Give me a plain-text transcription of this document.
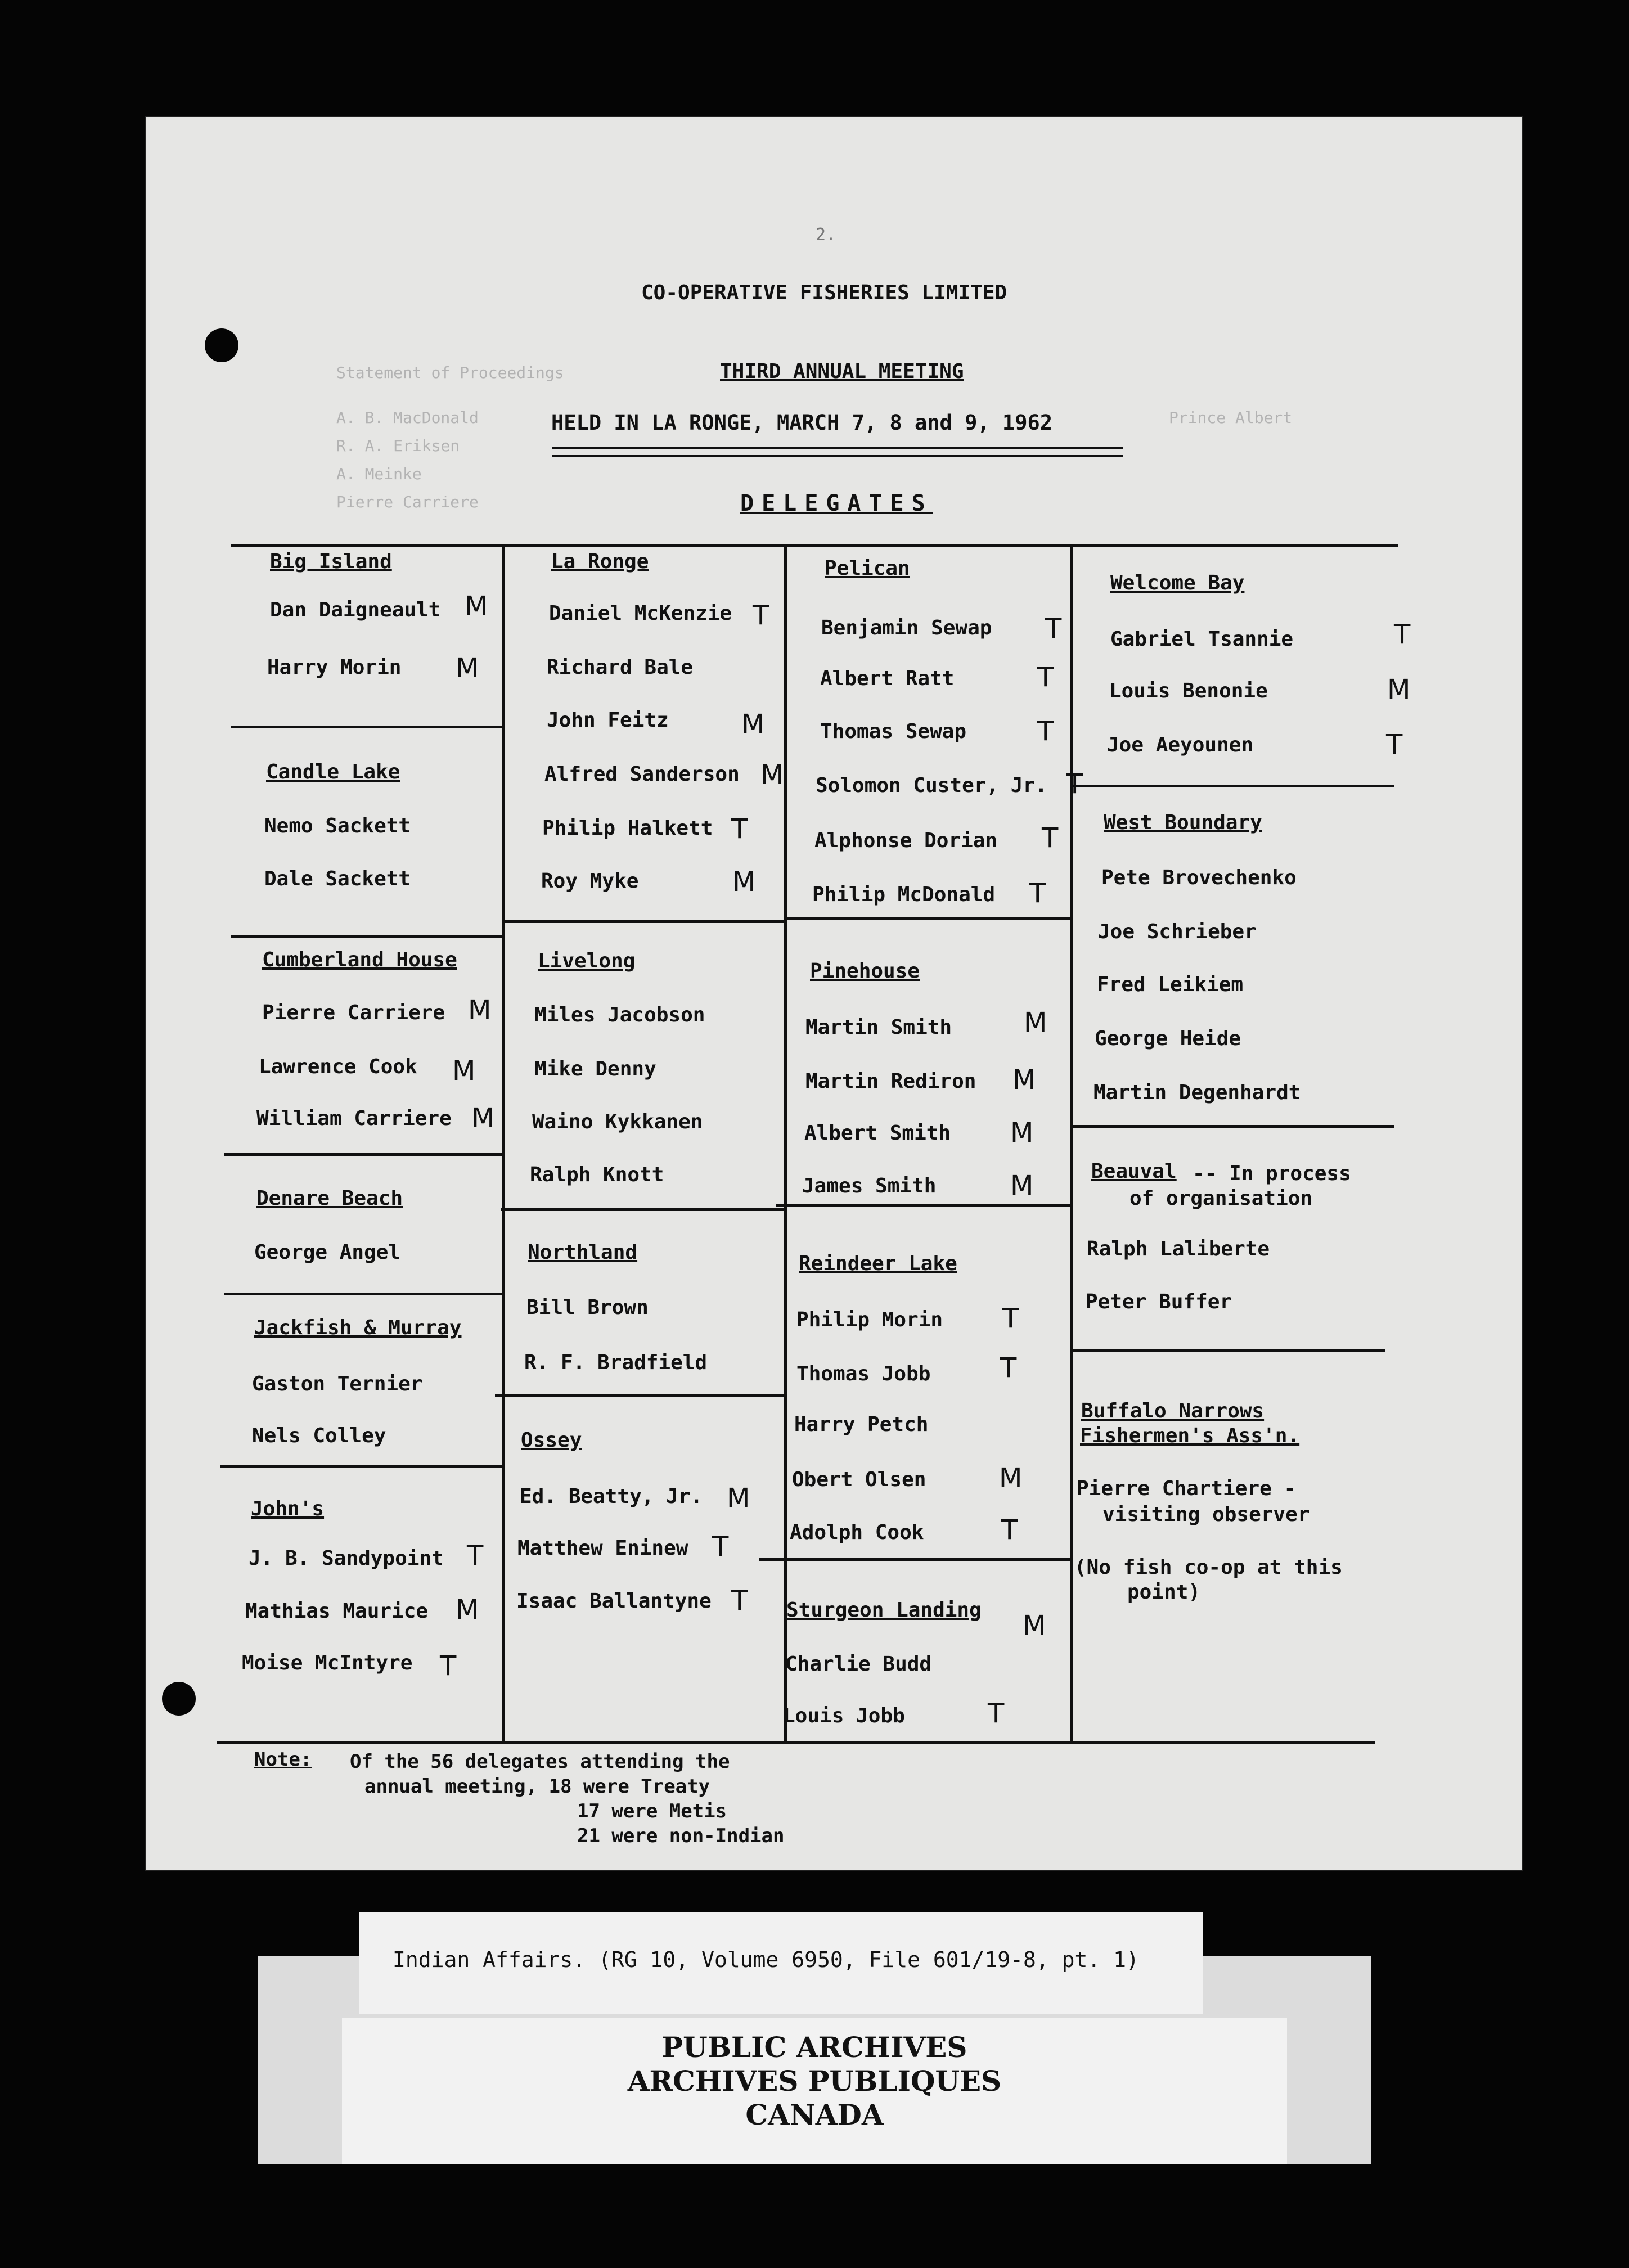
Statement of Proceedings
A. B. MacDonald	Prince Albert
R. A. Eriksen
A. Meinke
Pierre Carriere
2.
CO-OPERATIVE FISHERIES LIMITED
THIRD ANNUAL MEETING
HELD IN LA RONGE, MARCH 7, 8 and 9, 1962
DELEGATES
Big Island
Dan Daigneault M
Harry Morin M
Candle Lake
Nemo Sackett
Dale Sackett
Cumberland House
Pierre Carriere M
Lawrence Cook M
William Carriere M
Denare Beach
George Angel
Jackfish & Murray
Gaston Ternier
Nels Colley
John's
J. B. Sandypoint T
Mathias Maurice M
Moise McIntyre T
La Ronge
Daniel McKenzie T
Richard Bale
John Feitz	M
Alfred Sanderson M
Philip Halkett T
Roy Myke	M
Livelong
Miles Jacobson
Mike Denny
Waino Kykkanen
Ralph Knott
Northland
Bill Brown
R. F. Bradfield
Ossey
Ed. Beatty, Jr. M
Matthew Eninew T
Isaac Ballantyne T
Pelican
Benjamin Sewap T
Albert Ratt	T
Thomas Sewap	T
Solomon Custer, Jr. T
Alphonse Dorian T
Philip McDonald T
Pinehouse
Martin Smith	M
Martin Rediron M
Albert Smith M
James Smith	M
Reindeer Lake
Philip Morin T
Thomas Jobb	T
Harry Petch
Obert Olsen	M
Adolph Cook	T
Sturgeon Landing M
Charlie Budd
Louis Jobb	T
Welcome Bay
Gabriel Tsannie	T
Louis Benonie	M
Joe Aeyounen	T
West Boundary
Pete Brovechenko
Joe Schrieber
Fred Leikiem
George Heide
Martin Degenhardt
Beauval -- In process
of organisation
Ralph Laliberte
Peter Buffer
Buffalo Narrows
Fishermen's Ass'n.
Pierre Chartiere -
visiting observer
(No fish co-op at this
point)
Note: Of the 56 delegates attending the
annual meeting, 18 were Treaty
17 were Metis
21 were non-Indian
PUBLIC ARCHIVES
ARCHIVES PUBLIQUES
CANADA
Indian Affairs. (RG 10, Volume 6950, File 601/19-8, pt. 1)
